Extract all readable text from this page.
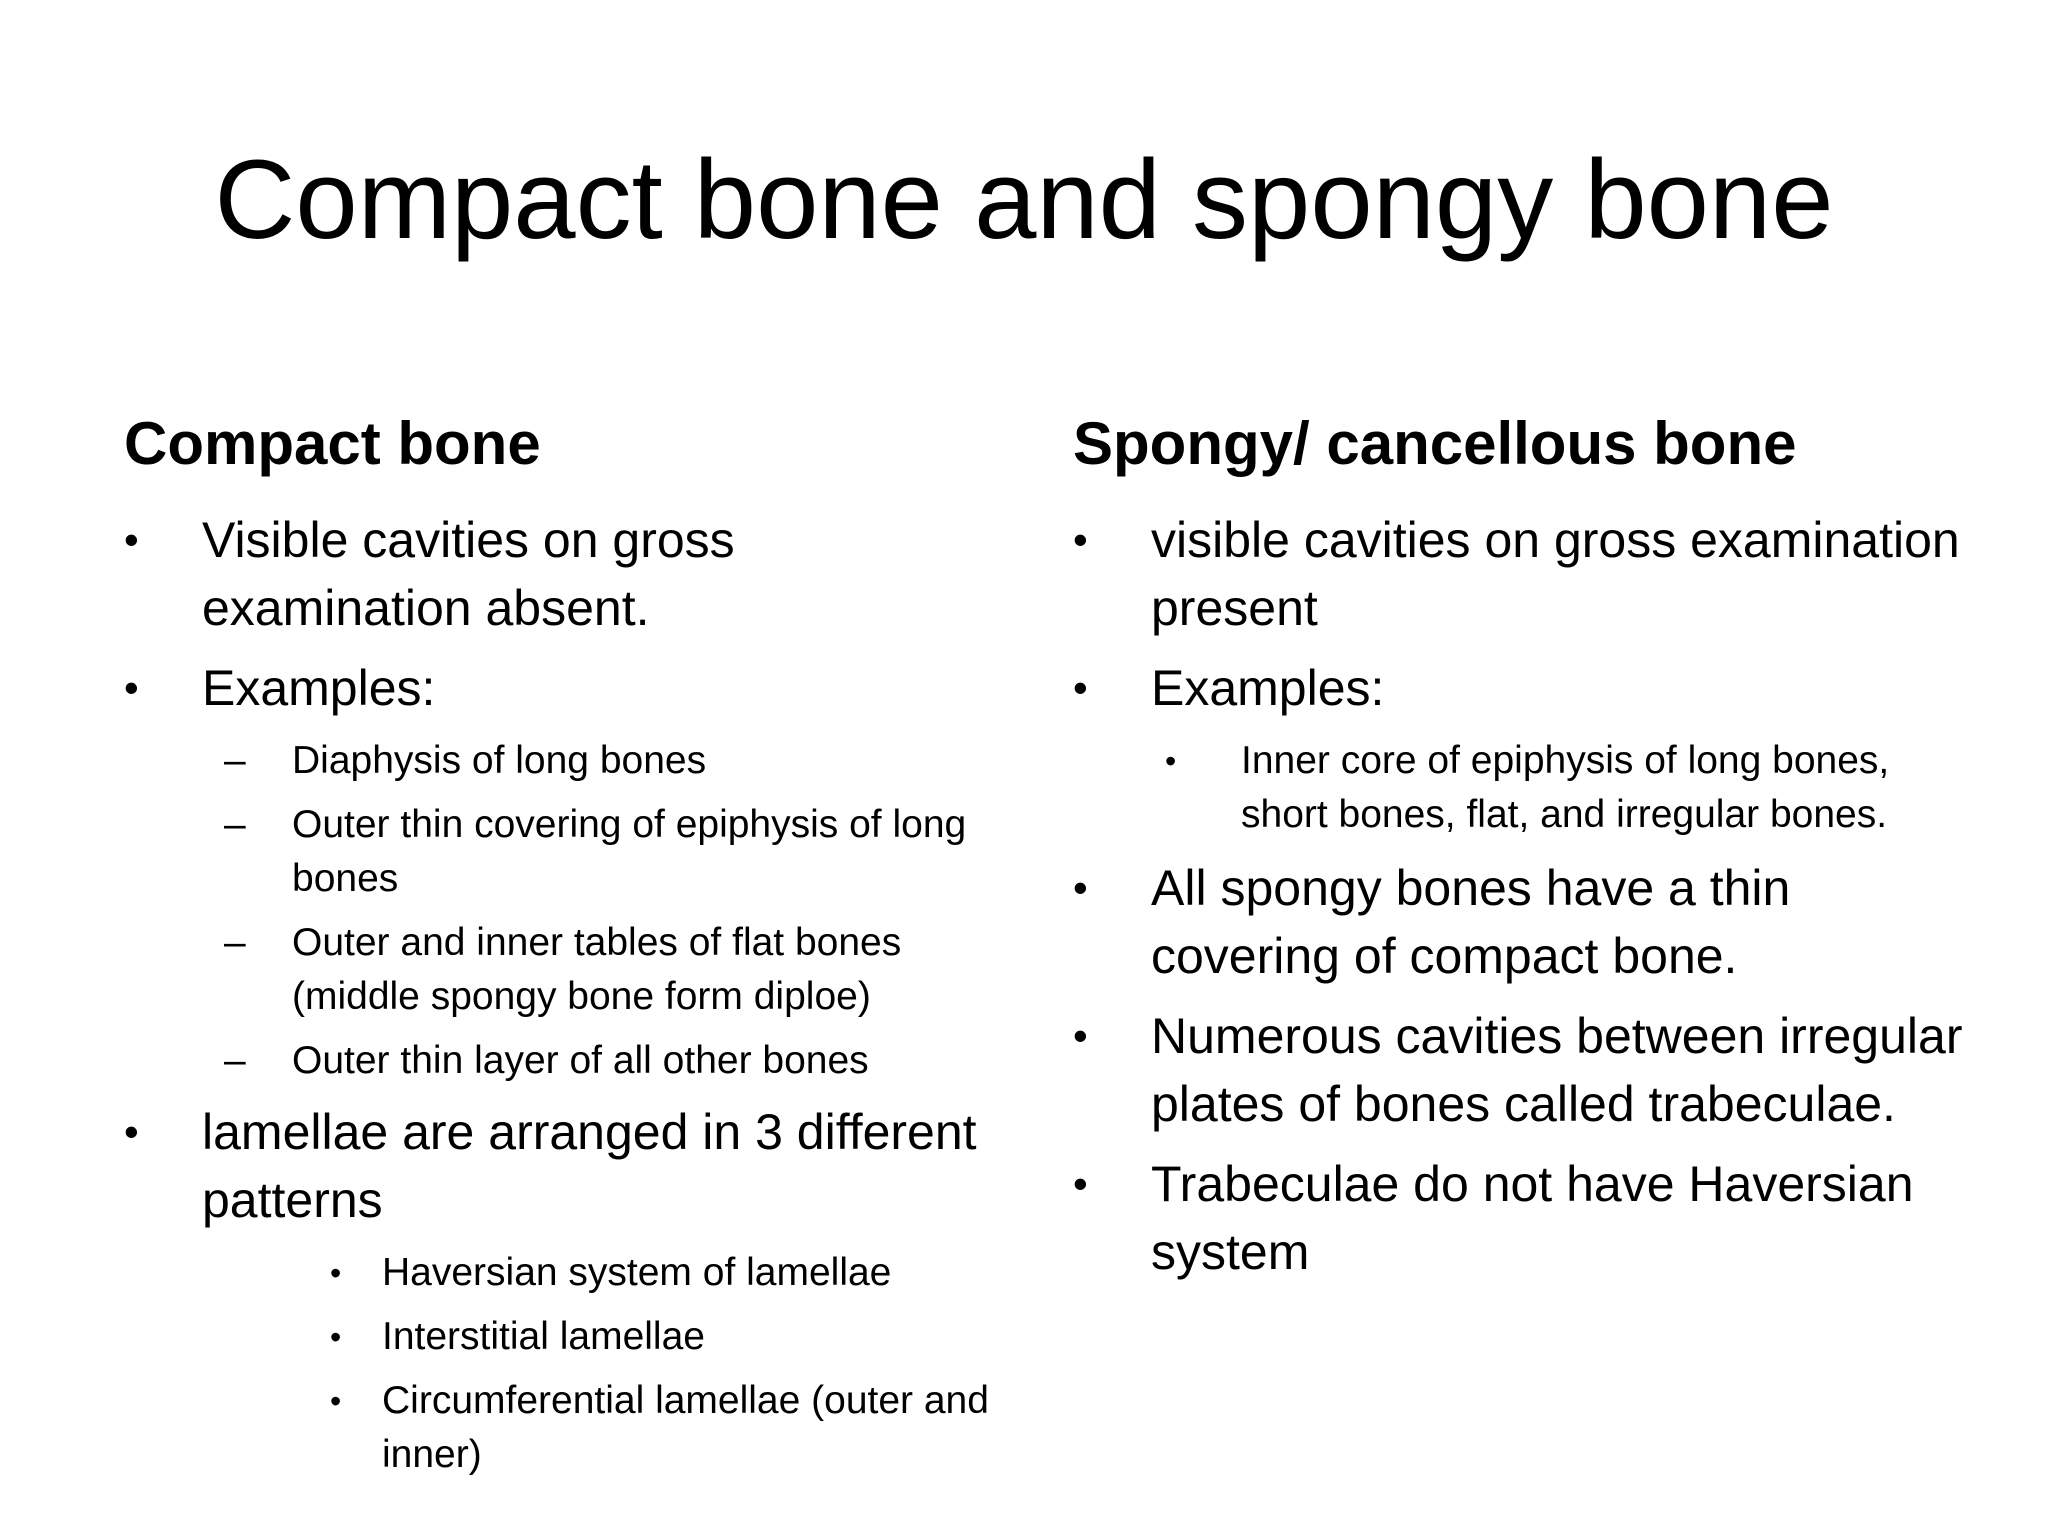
Compact bone and spongy bone
Compact bone
• Visible cavities on gross examination absent.
• Examples:
– Diaphysis of long bones
– Outer thin covering of epiphysis of long bones
– Outer and inner tables of flat bones (middle spongy bone form diploe)
– Outer thin layer of all other bones
• lamellae are arranged in 3 different patterns
• Haversian system of lamellae
• Interstitial lamellae
• Circumferential lamellae (outer and inner)
Spongy/ cancellous bone
• visible cavities on gross examination present
• Examples:
• Inner core of epiphysis of long bones, short bones, flat, and irregular bones.
• All spongy bones have a thin covering of compact bone.
• Numerous cavities between irregular plates of bones called trabeculae.
• Trabeculae do not have Haversian system
